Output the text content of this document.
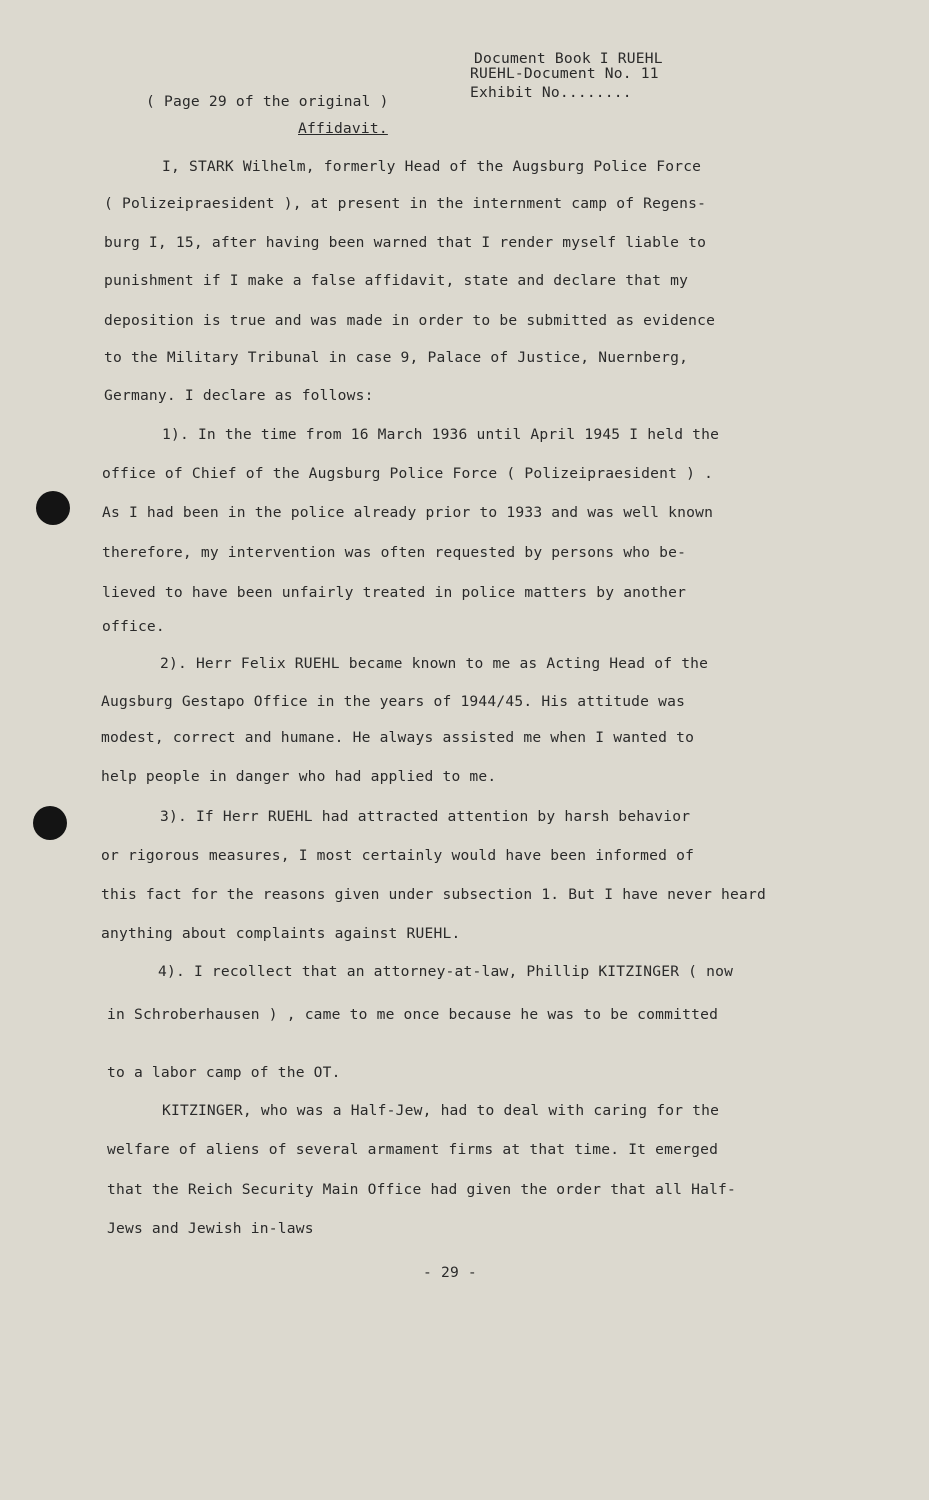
Document Book I RUEHL
RUEHL-Document No. 11
Exhibit No........
( Page 29 of the original )
Affidavit.
I, STARK Wilhelm, formerly Head of the Augsburg Police Force
( Polizeipraesident ), at present in the internment camp of Regens-
burg I, 15, after having been warned that I render myself liable to
punishment if I make a false affidavit, state and declare that my
deposition is true and was made in order to be submitted as evidence
to the Military Tribunal in case 9, Palace of Justice, Nuernberg,
Germany. I declare as follows:
1). In the time from 16 March 1936 until April 1945 I held the
office of Chief of the Augsburg Police Force ( Polizeipraesident ) .
As I had been in the police already prior to 1933 and was well known
therefore, my intervention was often requested by persons who be-
lieved to have been unfairly treated in police matters by another
office.
2). Herr Felix RUEHL became known to me as Acting Head of the
Augsburg Gestapo Office in the years of 1944/45. His attitude was
modest, correct and humane. He always assisted me when I wanted to
help people in danger who had applied to me.
3). If Herr RUEHL had attracted attention by harsh behavior
or rigorous measures, I most certainly would have been informed of
this fact for the reasons given under subsection 1. But I have never heard
anything about complaints against RUEHL.
4). I recollect that an attorney-at-law, Phillip KITZINGER ( now
in Schroberhausen ) , came to me once because he was to be committed
to a labor camp of the OT.
KITZINGER, who was a Half-Jew, had to deal with caring for the
welfare of aliens of several armament firms at that time. It emerged
that the Reich Security Main Office had given the order that all Half-
Jews and Jewish in-laws
- 29 -
